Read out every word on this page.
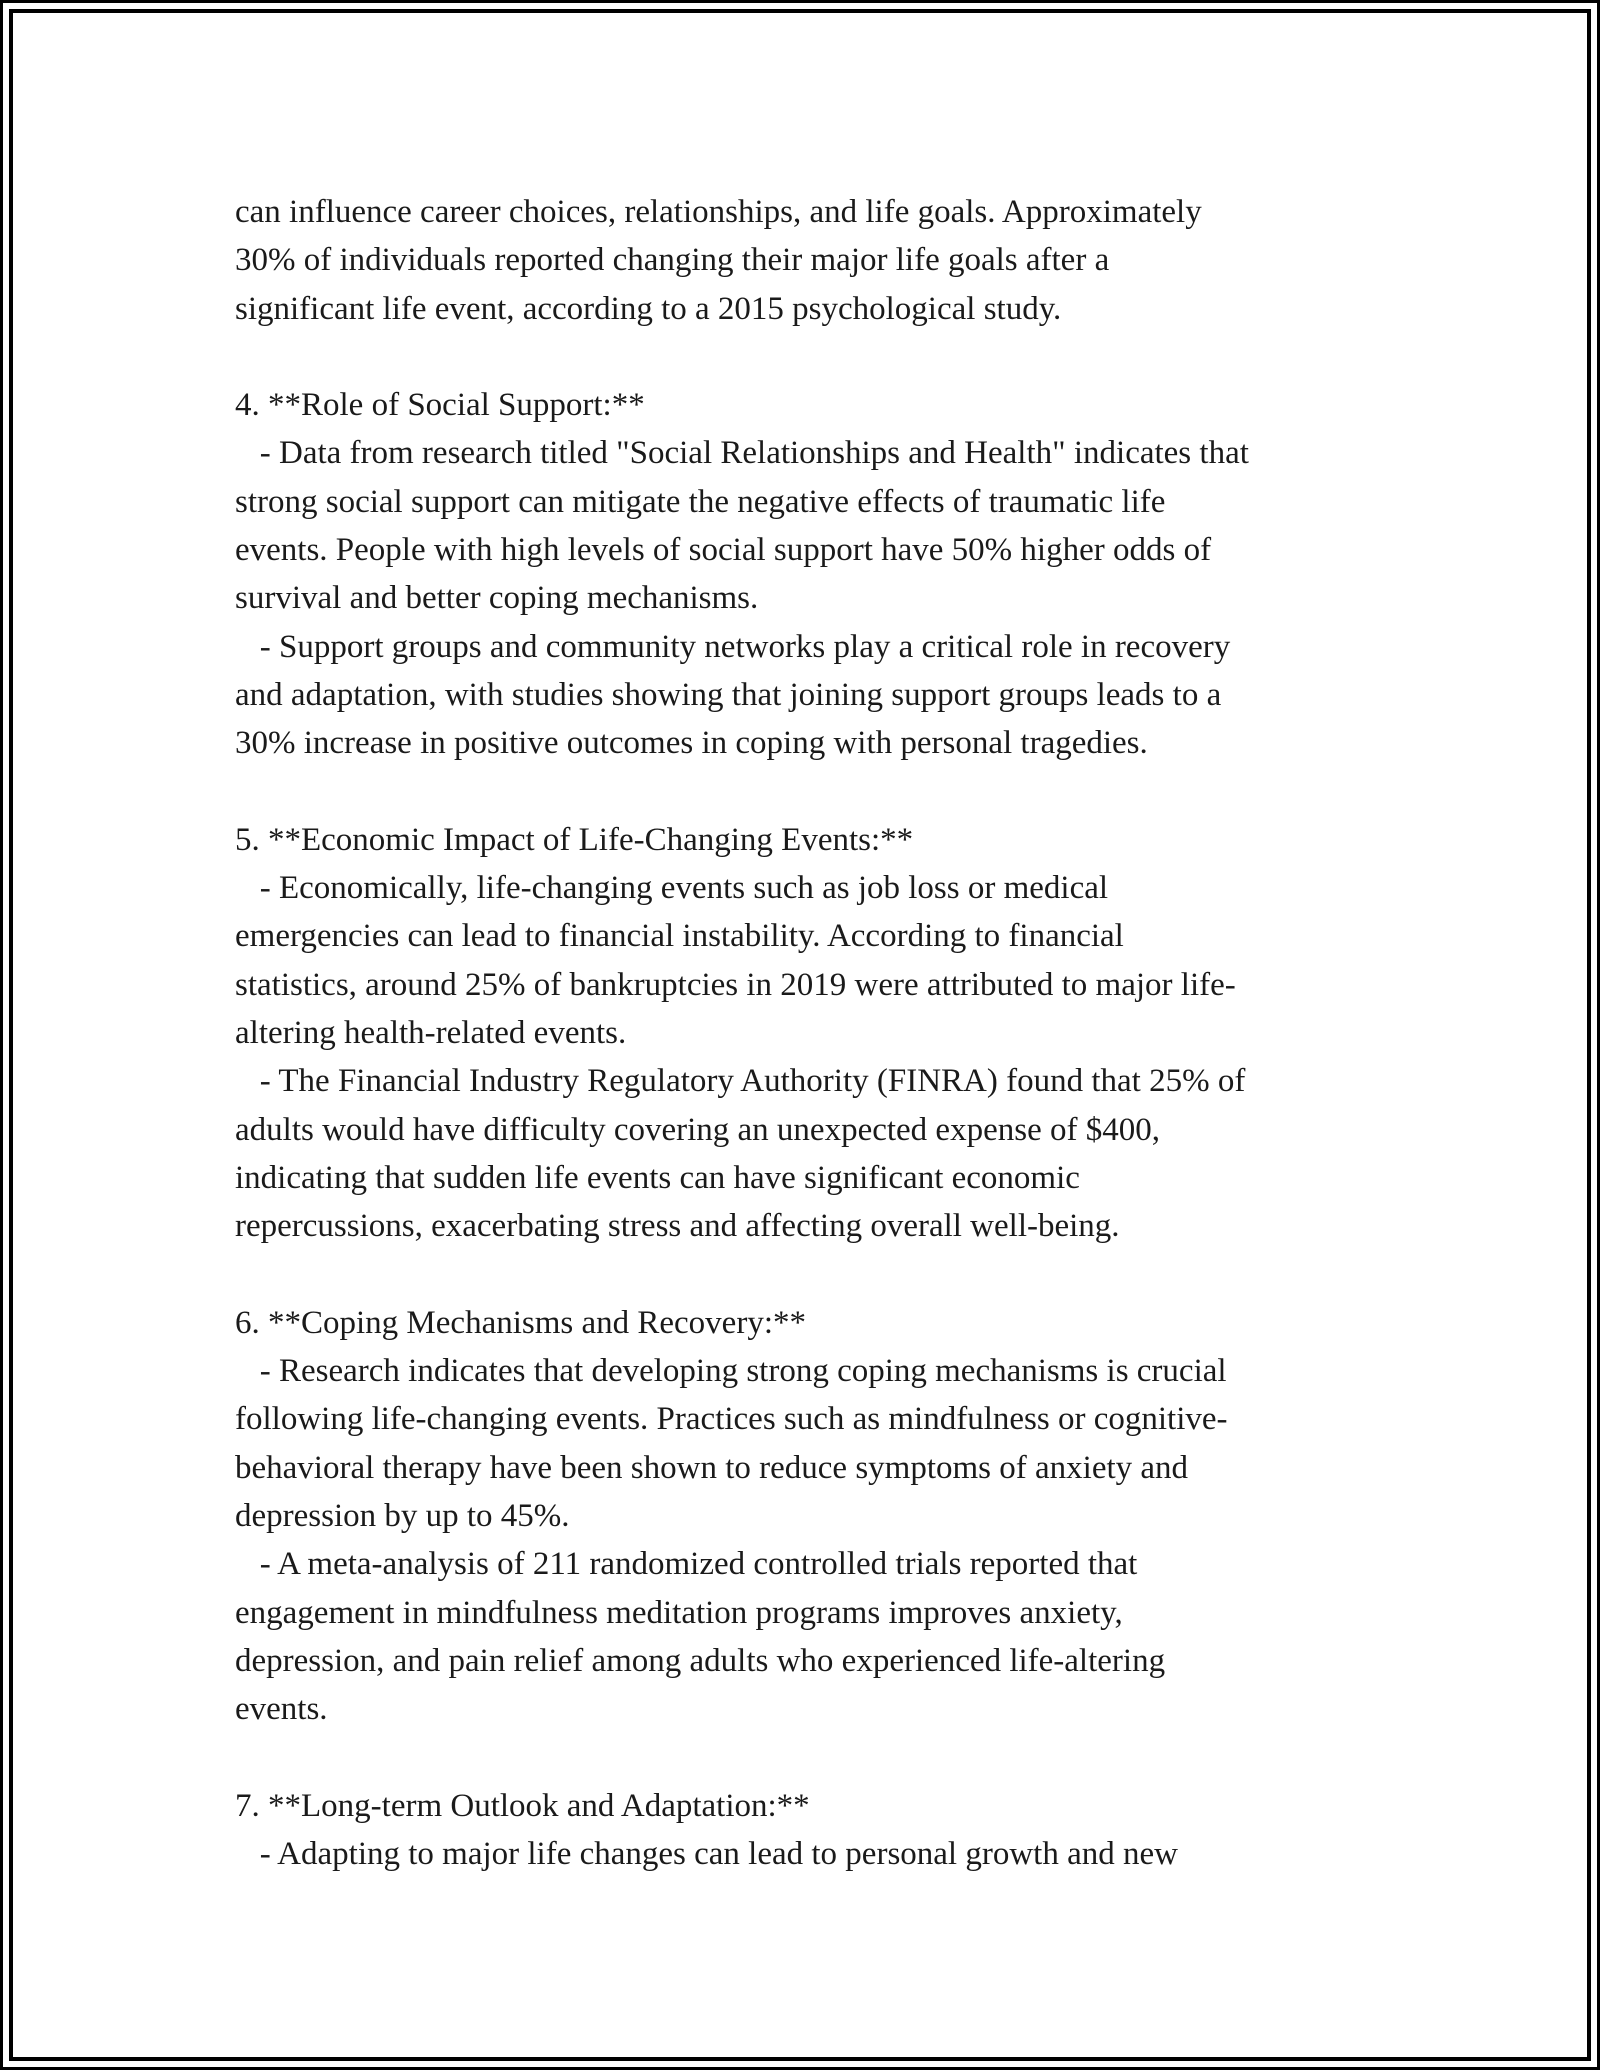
can influence career choices, relationships, and life goals. Approximately
30% of individuals reported changing their major life goals after a
significant life event, according to a 2015 psychological study.
4. **Role of Social Support:**
- Data from research titled "Social Relationships and Health" indicates that
strong social support can mitigate the negative effects of traumatic life
events. People with high levels of social support have 50% higher odds of
survival and better coping mechanisms.
- Support groups and community networks play a critical role in recovery
and adaptation, with studies showing that joining support groups leads to a
30% increase in positive outcomes in coping with personal tragedies.
5. **Economic Impact of Life-Changing Events:**
- Economically, life-changing events such as job loss or medical
emergencies can lead to financial instability. According to financial
statistics, around 25% of bankruptcies in 2019 were attributed to major life-
altering health-related events.
- The Financial Industry Regulatory Authority (FINRA) found that 25% of
adults would have difficulty covering an unexpected expense of $400,
indicating that sudden life events can have significant economic
repercussions, exacerbating stress and affecting overall well-being.
6. **Coping Mechanisms and Recovery:**
- Research indicates that developing strong coping mechanisms is crucial
following life-changing events. Practices such as mindfulness or cognitive-
behavioral therapy have been shown to reduce symptoms of anxiety and
depression by up to 45%.
- A meta-analysis of 211 randomized controlled trials reported that
engagement in mindfulness meditation programs improves anxiety,
depression, and pain relief among adults who experienced life-altering
events.
7. **Long-term Outlook and Adaptation:**
- Adapting to major life changes can lead to personal growth and new
